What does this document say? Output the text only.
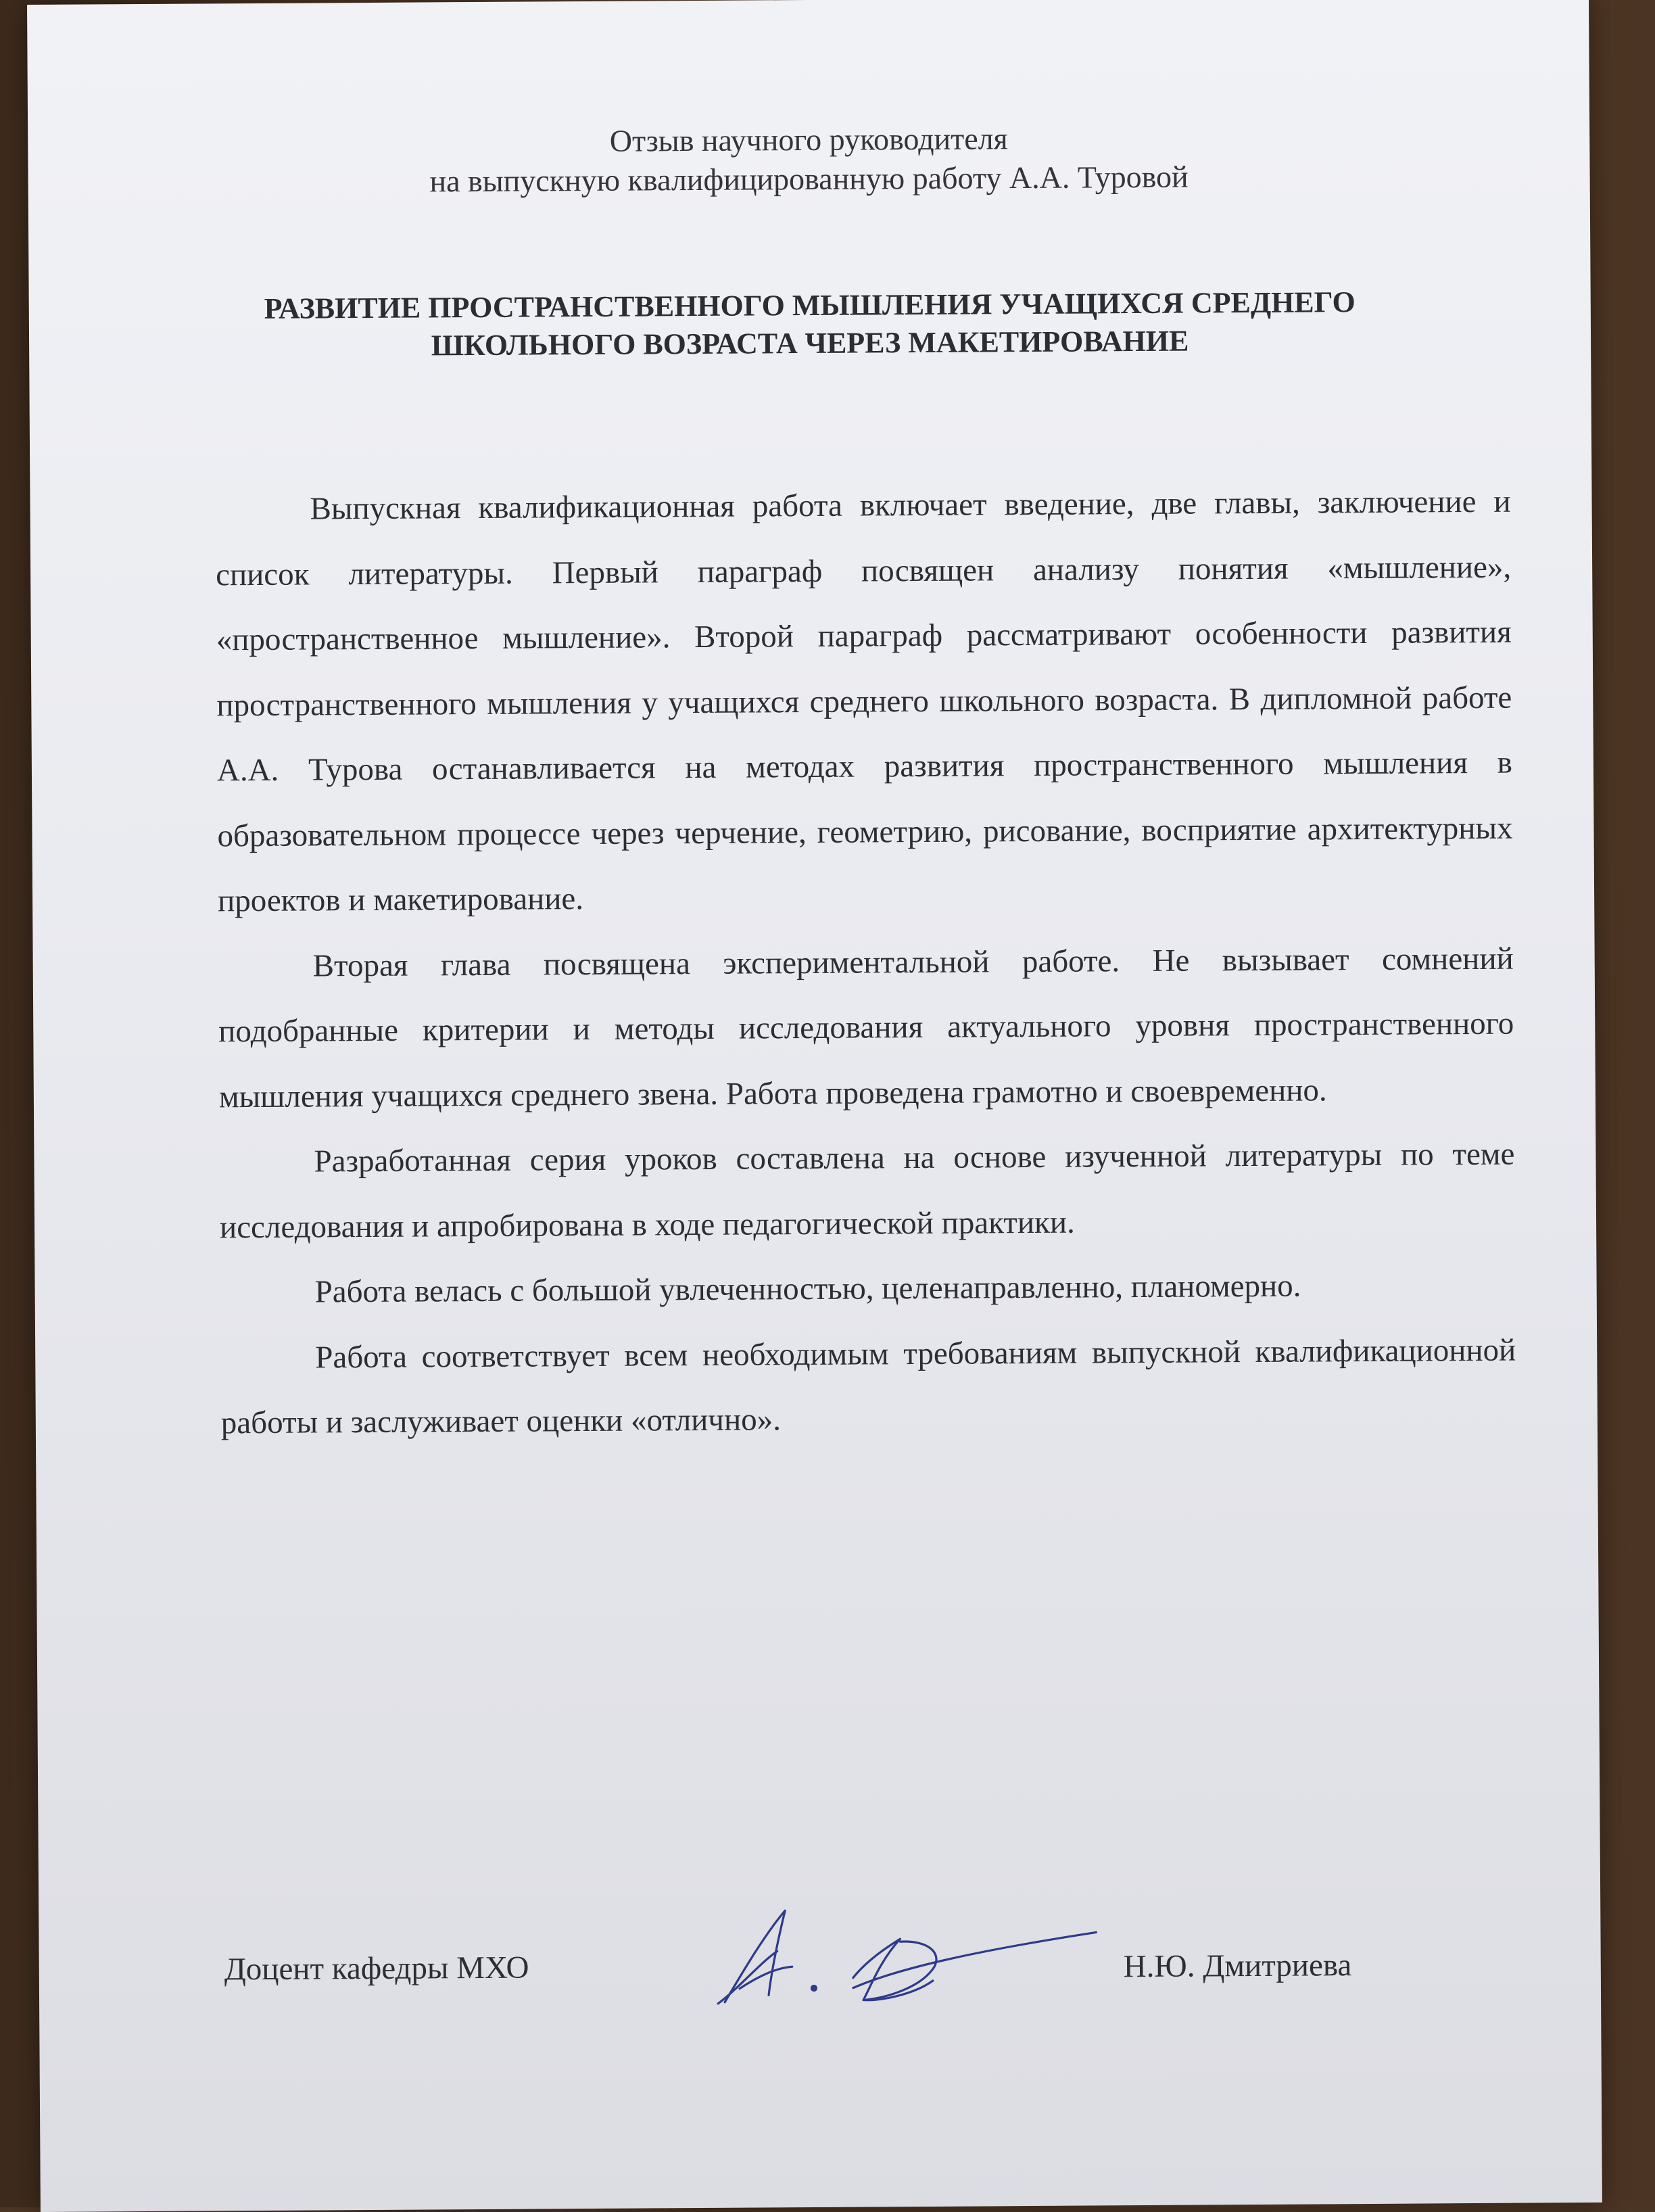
Отзыв научного руководителя
на выпускную квалифицированную работу А.А. Туровой
РАЗВИТИЕ ПРОСТРАНСТВЕННОГО МЫШЛЕНИЯ УЧАЩИХСЯ СРЕДНЕГО
ШКОЛЬНОГО ВОЗРАСТА ЧЕРЕЗ МАКЕТИРОВАНИЕ

Выпускная квалификационная работа включает введение, две главы, заключение и список литературы. Первый параграф посвящен анализу понятия «мышление», «пространственное мышление». Второй параграф рассматривают особенности развития пространственного мышления у учащихся среднего школьного возраста. В дипломной работе А.А. Турова останавливается на методах развития пространственного мышления в образовательном процессе через черчение, геометрию, рисование, восприятие архитектурных проектов и макетирование.

Вторая глава посвящена экспериментальной работе. Не вызывает сомнений подобранные критерии и методы исследования актуального уровня пространственного мышления учащихся среднего звена. Работа проведена грамотно и своевременно.

Разработанная серия уроков составлена на основе изученной литературы по теме исследования и апробирована в ходе педагогической практики.

Работа велась с большой увлеченностью, целенаправленно, планомерно.

Работа соответствует всем необходимым требованиям выпускной квалификационной работы и заслуживает оценки «отлично».

Доцент кафедры МХО	Н.Ю. Дмитриева
